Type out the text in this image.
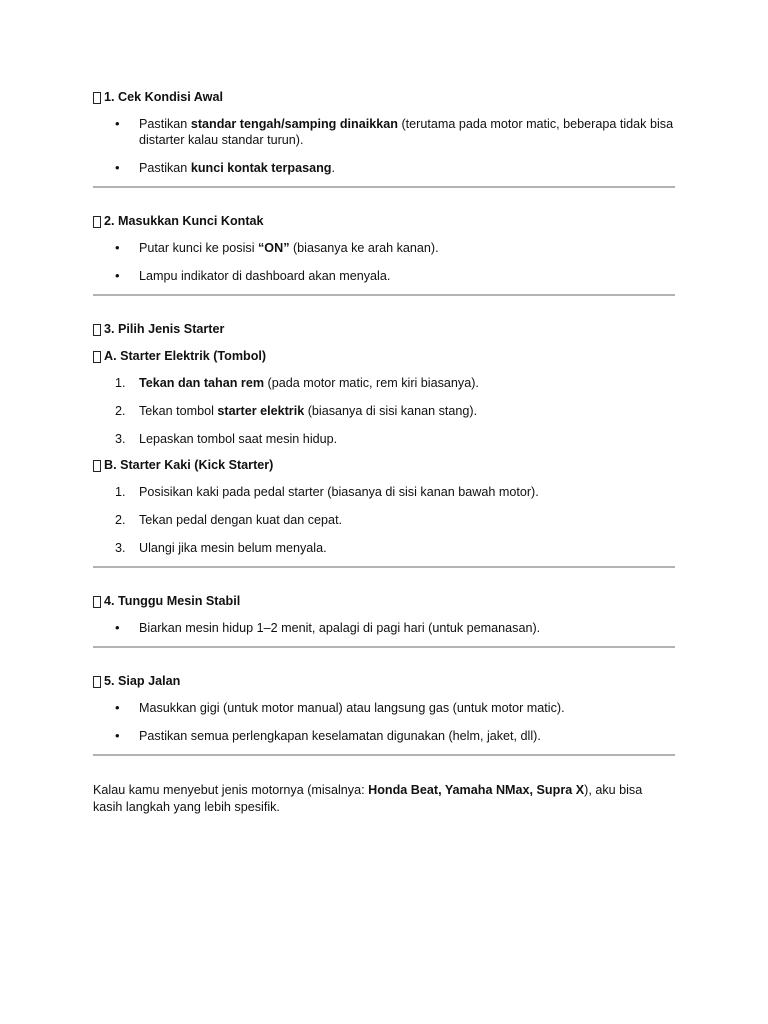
1. Cek Kondisi Awal
• Pastikan standar tengah/samping dinaikkan (terutama pada motor matic, beberapa tidak bisa distarter kalau standar turun).
• Pastikan kunci kontak terpasang.
2. Masukkan Kunci Kontak
• Putar kunci ke posisi “ON” (biasanya ke arah kanan).
• Lampu indikator di dashboard akan menyala.
3. Pilih Jenis Starter
A. Starter Elektrik (Tombol)
1. Tekan dan tahan rem (pada motor matic, rem kiri biasanya).
2. Tekan tombol starter elektrik (biasanya di sisi kanan stang).
3. Lepaskan tombol saat mesin hidup.
B. Starter Kaki (Kick Starter)
1. Posisikan kaki pada pedal starter (biasanya di sisi kanan bawah motor).
2. Tekan pedal dengan kuat dan cepat.
3. Ulangi jika mesin belum menyala.
4. Tunggu Mesin Stabil
• Biarkan mesin hidup 1–2 menit, apalagi di pagi hari (untuk pemanasan).
5. Siap Jalan
• Masukkan gigi (untuk motor manual) atau langsung gas (untuk motor matic).
• Pastikan semua perlengkapan keselamatan digunakan (helm, jaket, dll).

Kalau kamu menyebut jenis motornya (misalnya: Honda Beat, Yamaha NMax, Supra X), aku bisa kasih langkah yang lebih spesifik.
